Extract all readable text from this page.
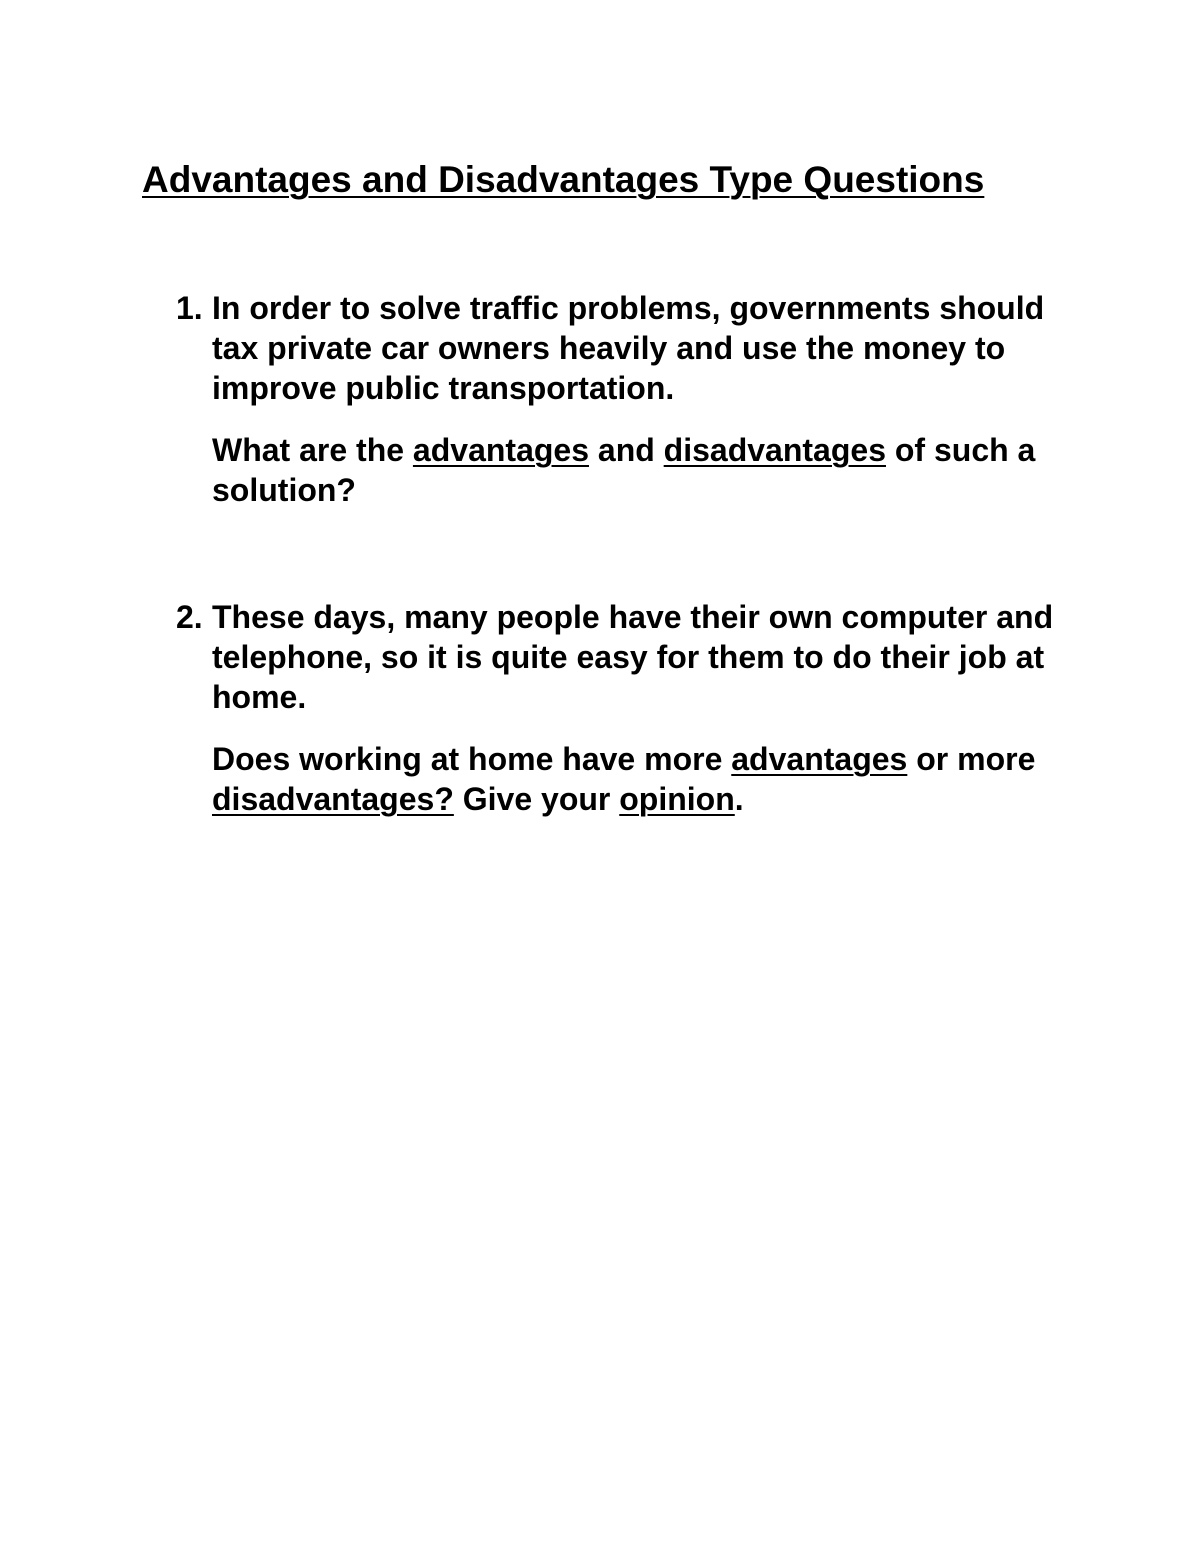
Advantages and Disadvantages Type Questions
1. In order to solve traffic problems, governments should tax private car owners heavily and use the money to improve public transportation.

What are the advantages and disadvantages of such a solution?

2. These days, many people have their own computer and telephone, so it is quite easy for them to do their job at home.

Does working at home have more advantages or more disadvantages? Give your opinion.
